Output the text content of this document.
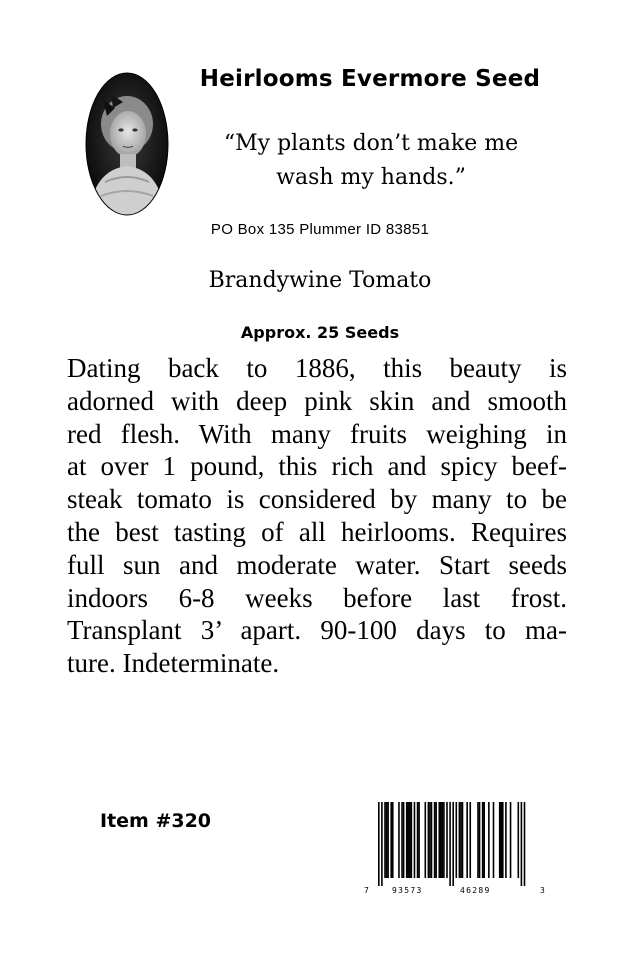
Heirlooms Evermore Seed
“My plants don’t make me
wash my hands.”
PO Box 135 Plummer ID 83851
Brandywine Tomato
Approx. 25 Seeds
Dating back to 1886, this beauty is
adorned with deep pink skin and smooth
red flesh. With many fruits weighing in
at over 1 pound, this rich and spicy beef-
steak tomato is considered by many to be
the best tasting of all heirlooms. Requires
full sun and moderate water. Start seeds
indoors 6-8 weeks before last frost.
Transplant 3’ apart. 90-100 days to ma-
ture. Indeterminate.
Item #320
7	93573	46289	3
